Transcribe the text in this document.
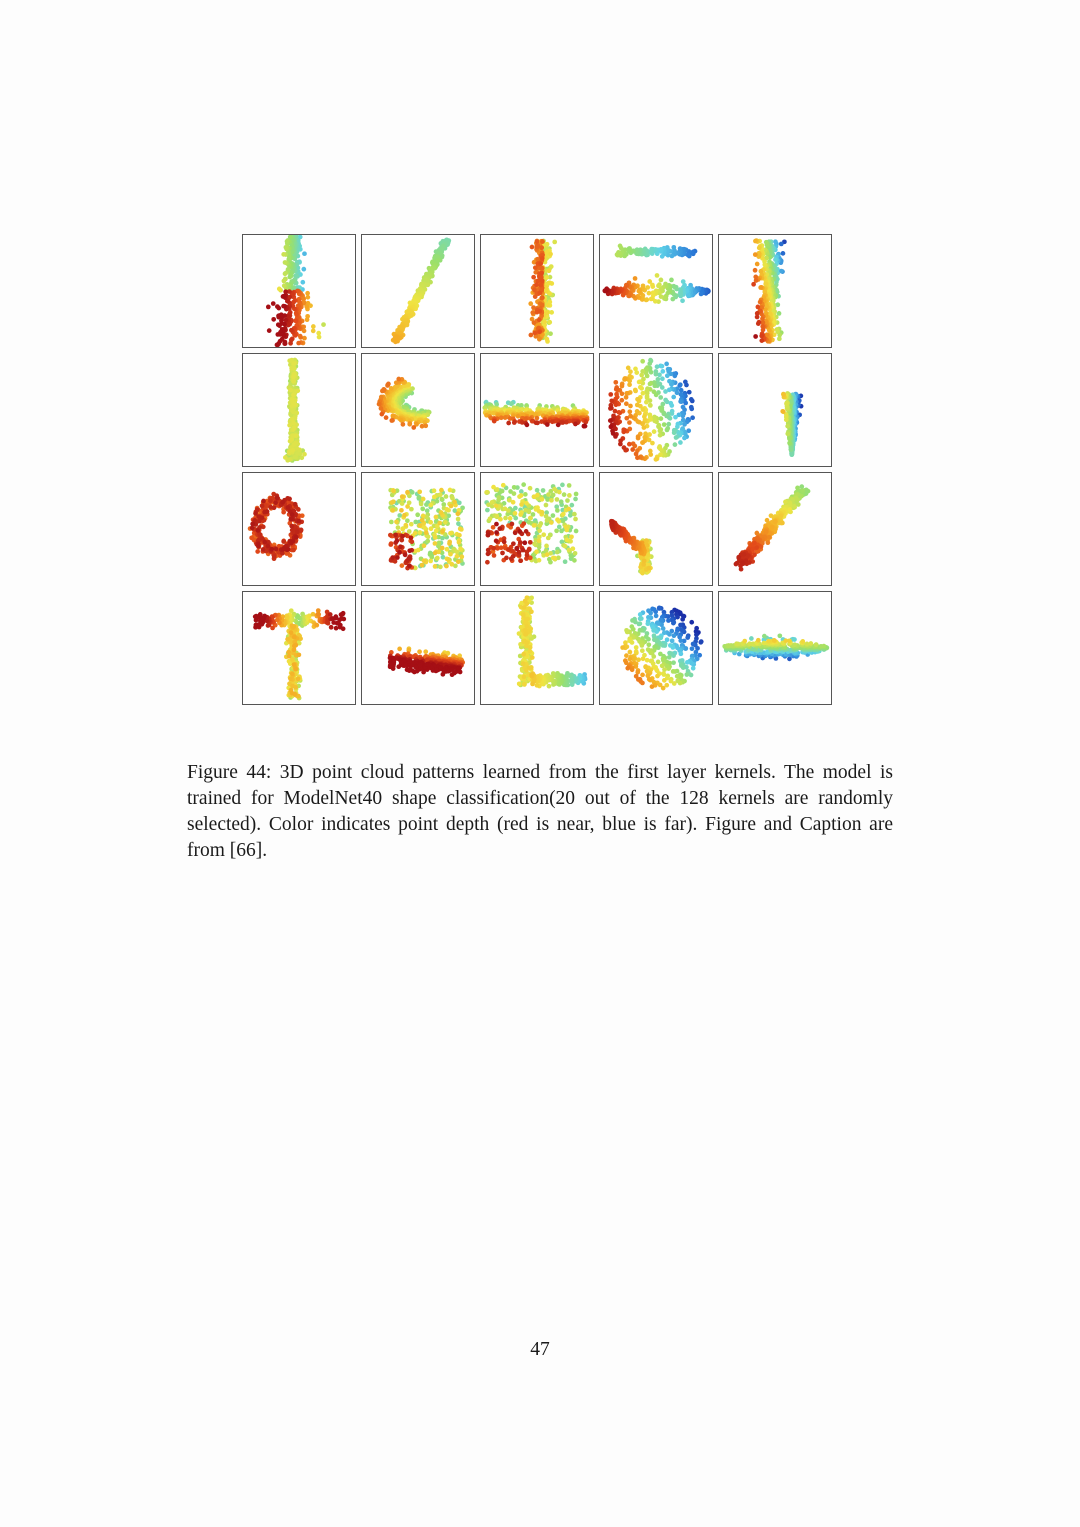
Figure 44: 3D point cloud patterns learned from the first layer kernels. The model is trained for ModelNet40 shape classification(20 out of the 128 kernels are randomly selected). Color indicates point depth (red is near, blue is far). Figure and Caption are from [66].

47
